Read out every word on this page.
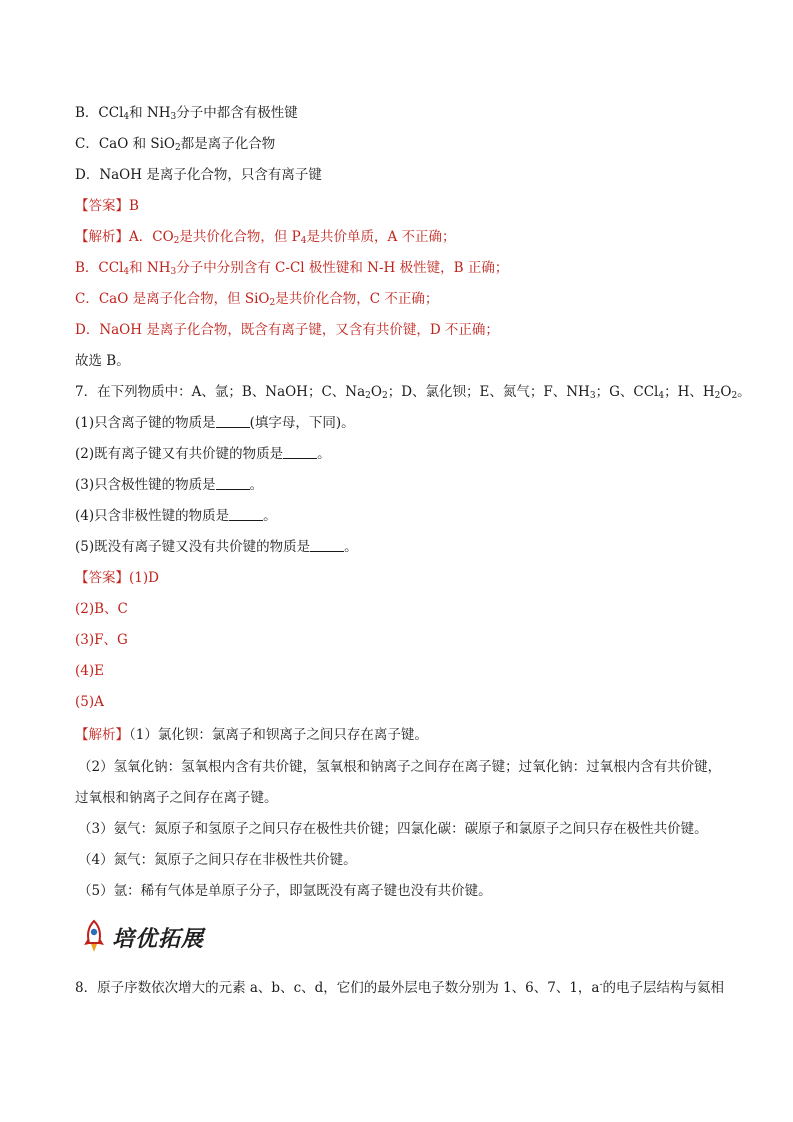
B．CCl$_4$和 $NH_3$分子中都含有极性键
C．CaO 和 SiO$_2$都是离子化合物
D．NaOH 是离子化合物，只含有离子键
【答案】B
【解析】A．$CO_2$是共价化合物，但 $P_4$是共价单质，A 不正确；
B．CCl$_4$和 $NH_3$分子中分别含有 C-Cl 极性键和 N-H 极性键，B 正确；
C．CaO 是离子化合物，但 SiO$_2$是共价化合物，C 不正确；
D．NaOH 是离子化合物，既含有离子键，又含有共价键，D 不正确；
故选 B。
7．在下列物质中：A、氩；B、NaOH；C、$Na_2O_2$；D、氯化钡；E、氮气；F、$NH_3$；G、CCl$_4$；H、$H_2O_2$。
(1)只含离子键的物质是	(填字母，下同)。
(2)既有离子键又有共价键的物质是	。
(3)只含极性键的物质是	。
(4)只含非极性键的物质是	。
(5)既没有离子键又没有共价键的物质是	。
【答案】(1)D
(2)B、C
(3)F、G
(4)E
(5)A
【解析】（1）氯化钡：氯离子和钡离子之间只存在离子键。
（2）氢氧化钠：氢氧根内含有共价键，氢氧根和钠离子之间存在离子键；过氧化钠：过氧根内含有共价键，
过氧根和钠离子之间存在离子键。
（3）氨气：氮原子和氢原子之间只存在极性共价键；四氯化碳：碳原子和氯原子之间只存在极性共价键。
（4）氮气：氮原子之间只存在非极性共价键。
（5）氩：稀有气体是单原子分子，即氩既没有离子键也没有共价键。
培优拓展
8．原子序数依次增大的元素 a、b、c、d，它们的最外层电子数分别为 1、6、7、1，a-的电子层结构与氦相
